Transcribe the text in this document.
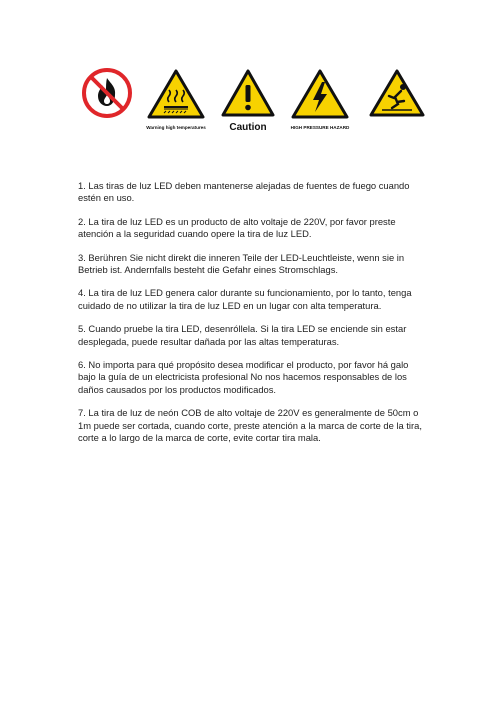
Warning high temperatures	Caution	HIGH PRESSURE HAZARD

1. Las tiras de luz LED deben mantenerse alejadas de fuentes de fuego cuando estén en uso.

2. La tira de luz LED es un producto de alto voltaje de 220V, por favor preste atención a la seguridad cuando opere la tira de luz LED.

3. Berühren Sie nicht direkt die inneren Teile der LED-Leuchtleiste, wenn sie in Betrieb ist. Andernfalls besteht die Gefahr eines Stromschlags.

4. La tira de luz LED genera calor durante su funcionamiento, por lo tanto, tenga cuidado de no utilizar la tira de luz LED en un lugar con alta temperatura.

5. Cuando pruebe la tira LED, desenróllela. Si la tira LED se enciende sin estar desplegada, puede resultar dañada por las altas temperaturas.

6. No importa para qué propósito desea modificar el producto, por favor há galo bajo la guía de un electricista profesional No nos hacemos responsables de los daños causados por los productos modificados.

7. La tira de luz de neón COB de alto voltaje de 220V es generalmente de 50cm o 1m puede ser cortada, cuando corte, preste atención a la marca de corte de la tira, corte a lo largo de la marca de corte, evite cortar tira mala.
